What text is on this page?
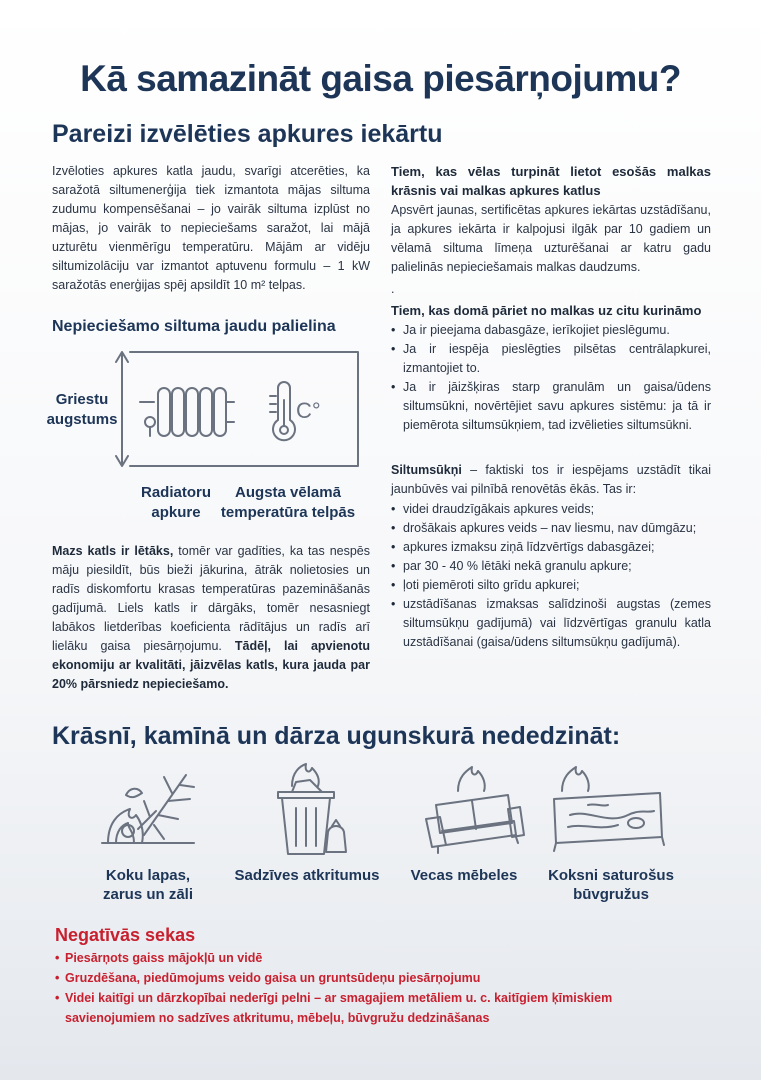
Kā samazināt gaisa piesārņojumu?
Pareizi izvēlēties apkures iekārtu

Izvēloties apkures katla jaudu, svarīgi atcerēties, ka saražotā siltumenerģija tiek izmantota mājas siltuma zudumu kompensēšanai – jo vairāk siltuma izplūst no mājas, jo vairāk to nepieciešams saražot, lai mājā uzturētu vienmērīgu temperatūru. Mājām ar vidēju siltumizolāciju var izmantot aptuvenu formulu – 1 kW saražotās enerģijas spēj apsildīt 10 m² telpas.

Nepieciešamo siltuma jaudu palielina
C°
Griestu
augstums
Radiatoru
apkure
Augsta vēlamā
temperatūra telpās

Mazs katls ir lētāks, tomēr var gadīties, ka tas nespēs māju piesildīt, būs bieži jākurina, ātrāk nolietosies un radīs diskomfortu krasas temperatūras pazemināšanās gadījumā. Liels katls ir dārgāks, tomēr nesasniegt labākos lietderības koeficienta rādītājus un radīs arī lielāku gaisa piesārņojumu. Tādēļ, lai apvienotu ekonomiju ar kvalitāti, jāizvēlas katls, kura jauda par 20% pārsniedz nepieciešamo.

Tiem, kas vēlas turpināt lietot esošās malkas krāsnis vai malkas apkures katlus

Apsvērt jaunas, sertificētas apkures iekārtas uzstādīšanu, ja apkures iekārta ir kalpojusi ilgāk par 10 gadiem un vēlamā siltuma līmeņa uzturēšanai ar katru gadu palielinās nepieciešamais malkas daudzums.

.
Tiem, kas domā pāriet no malkas uz citu kurināmo
• Ja ir pieejama dabasgāze, ierīkojiet pieslēgumu.
• Ja ir iespēja pieslēgties pilsētas centrālapkurei, izmantojiet to.
• Ja ir jāizšķiras starp granulām un gaisa/ūdens siltumsūkni, novērtējiet savu apkures sistēmu: ja tā ir piemērota siltumsūkņiem, tad izvēlieties siltumsūkni.

Siltumsūkņi – faktiski tos ir iespējams uzstādīt tikai jaunbūvēs vai pilnībā renovētās ēkās. Tas ir:

• videi draudzīgākais apkures veids;
• drošākais apkures veids – nav liesmu, nav dūmgāzu;
• apkures izmaksu ziņā līdzvērtīgs dabasgāzei;
• par 30 - 40 % lētāki nekā granulu apkure;
• ļoti piemēroti silto grīdu apkurei;
• uzstādīšanas izmaksas salīdzinoši augstas (zemes siltumsūkņu gadījumā) vai līdzvērtīgas granulu katla uzstādīšanai (gaisa/ūdens siltumsūkņu gadījumā).
Krāsnī, kamīnā un dārza ugunskurā nededzināt:
Koku lapas,
zarus un zāli
Sadzīves atkritumus	Vecas mēbeles	Koksni saturošus
būvgružus
Negatīvās sekas
• Piesārņots gaiss mājokļū un vidē
• Gruzdēšana, piedūmojums veido gaisa un gruntsūdeņu piesārņojumu
• Videi kaitīgi un dārzkopībai nederīgi pelni – ar smagajiem metāliem u. c. kaitīgiem ķīmiskiem savienojumiem no sadzīves atkritumu, mēbeļu, būvgružu dedzināšanas
